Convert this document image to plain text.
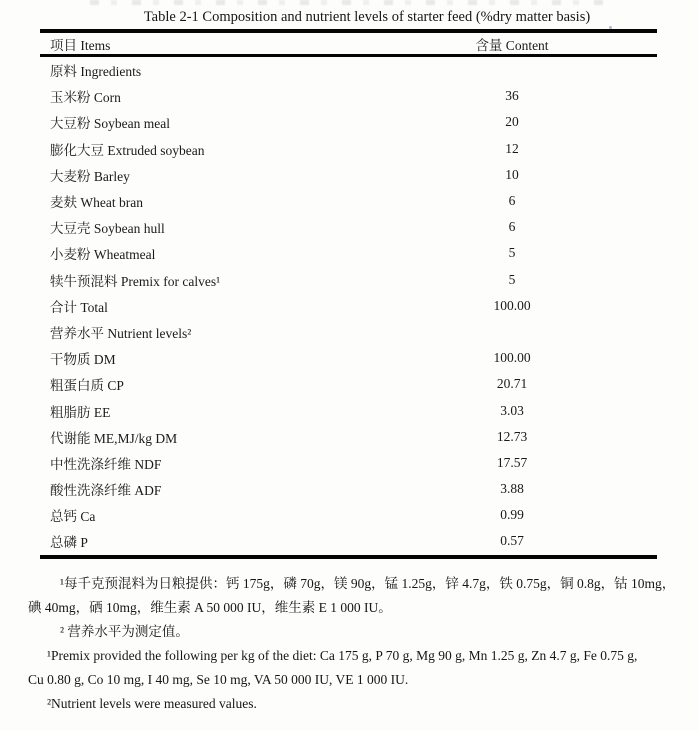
Table 2-1 Composition and nutrient levels of starter feed (%dry matter basis)
项目 Items	含量 Content
原料 Ingredients
玉米粉 Corn	36
大豆粉 Soybean meal	20
膨化大豆 Extruded soybean	12
大麦粉 Barley	10
麦麸 Wheat bran	6
大豆壳 Soybean hull	6
小麦粉 Wheatmeal	5
犊牛预混料 Premix for calves¹	5
合计 Total	100.00
营养水平 Nutrient levels²
干物质 DM	100.00
粗蛋白质 CP	20.71
粗脂肪 EE	3.03
代谢能 ME,MJ/kg DM	12.73
中性洗涤纤维 NDF	17.57
酸性洗涤纤维 ADF	3.88
总钙 Ca	0.99
总磷 P	0.57
¹每千克预混料为日粮提供：钙 175g，磷 70g，镁 90g，锰 1.25g，锌 4.7g，铁 0.75g，铜 0.8g，钴 10mg，
碘 40mg，硒 10mg，维生素 A 50 000 IU，维生素 E 1 000 IU。
² 营养水平为测定值。
¹Premix provided the following per kg of the diet: Ca 175 g, P 70 g, Mg 90 g, Mn 1.25 g, Zn 4.7 g, Fe 0.75 g,
Cu 0.80 g, Co 10 mg, I 40 mg, Se 10 mg, VA 50 000 IU, VE 1 000 IU.
²Nutrient levels were measured values.
